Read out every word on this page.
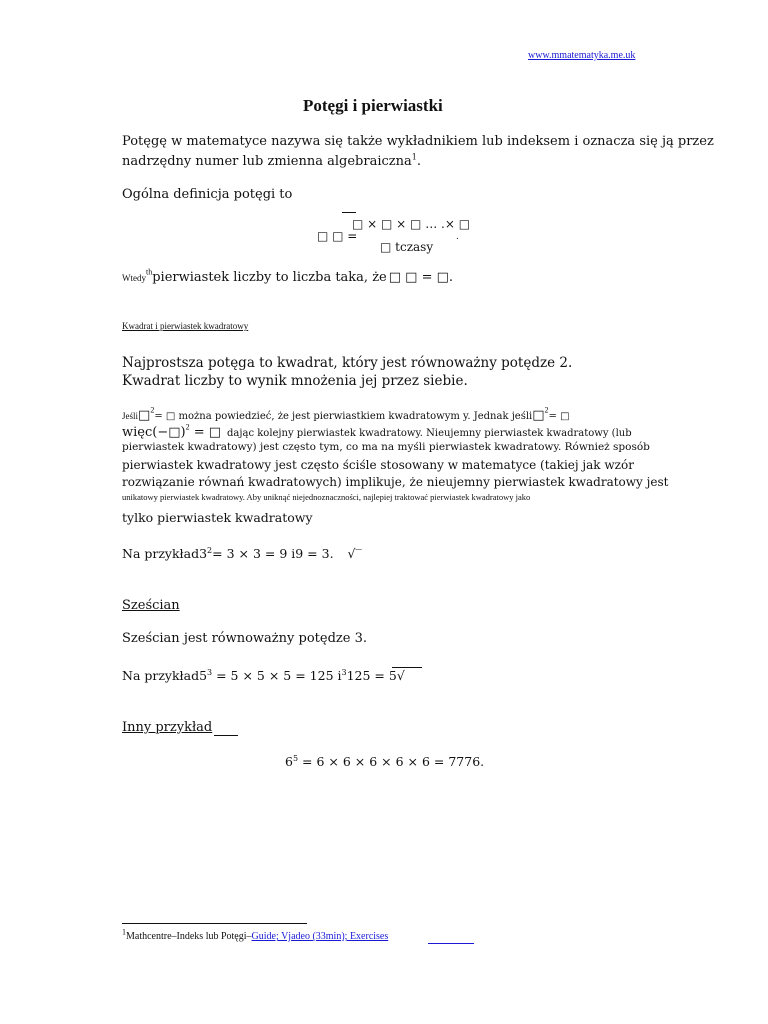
www.mmatematyka.me.uk
Potęgi i pierwiastki
Potęgę w matematyce nazywa się także wykładnikiem lub indeksem i oznacza się ją przez
nadrzędny numer lub zmienna algebraiczna$^1$.
Ogólna definicja potęgi to
□ × □ × □ … .× □
□ □ =
□ tczasy
.
Wtedy$^{th}$pierwiastek liczby to liczba taka, że □ □ = □.
Kwadrat i pierwiastek kwadratowy
Najprostsza potęga to kwadrat, który jest równoważny potędze 2.
Kwadrat liczby to wynik mnożenia jej przez siebie.
Jeśli□$^2$= □ można powiedzieć, że jest pierwiastkiem kwadratowym y. Jednak jeśli□$^2$= □
więc(−□)$^2$ = □ dając kolejny pierwiastek kwadratowy. Nieujemny pierwiastek kwadratowy (lub
pierwiastek kwadratowy) jest często tym, co ma na myśli pierwiastek kwadratowy. Również sposób
pierwiastek kwadratowy jest często ściśle stosowany w matematyce (takiej jak wzór
rozwiązanie równań kwadratowych) implikuje, że nieujemny pierwiastek kwadratowy jest
unikatowy pierwiastek kwadratowy. Aby uniknąć niejednoznaczności, najlepiej traktować pierwiastek kwadratowy jako
tylko pierwiastek kwadratowy
Na $przykład3^2= 3 \times 3 = 9$ i9 = 3. √‾
Sześcian
Sześcian jest równoważny potędze 3.
Na $przykład5^3 = 5 \times 5 \times 5 = 125$ $i^3125 = 5√$
Inny przykład
$6^5 = 6 \times 6 \times 6 \times 6 \times 6 = 7776$.
$^1$Mathcentre–Indeks lub Potęgi–Guide; Vjadeo (33min); Exercises
